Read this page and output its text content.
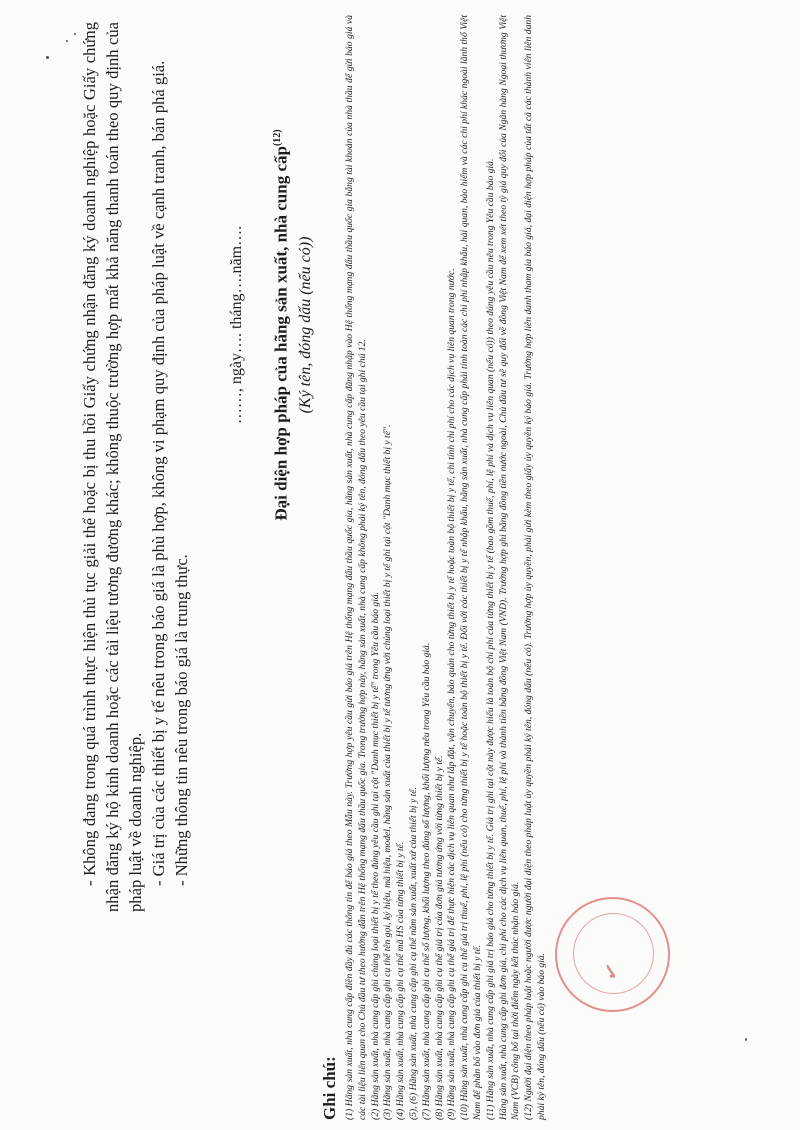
- Không đang trong quá trình thực hiện thủ tục giải thể hoặc bị thu hồi Giấy chứng nhận đăng ký doanh nghiệp hoặc Giấy chứng nhận đăng ký hộ kinh doanh hoặc các tài liệu tương đương khác; không thuộc trường hợp mất khả năng thanh toán theo quy định của pháp luật về doanh nghiệp. - Giá trị của các thiết bị y tế nêu trong báo giá là phù hợp, không vi phạm quy định của pháp luật về cạnh tranh, bán phá giá. - Những thông tin nêu trong báo giá là trung thực.

……, ngày…. tháng….năm….	Đại diện hợp pháp của hãng sản xuất, nhà cung cấp$^{(12)}$
(Ký tên, đóng dấu (nếu có))
✓
Ghi chú: (1) Hãng sản xuất, nhà cung cấp điền đầy đủ các thông tin để báo giá theo Mẫu này. Trường hợp yêu cầu gửi báo giá trên Hệ thống mạng đấu thầu quốc gia, hãng sản xuất, nhà cung cấp đăng nhập vào Hệ thống mạng đấu thầu quốc gia bằng tài khoản của nhà thầu để gửi báo giá và các tài liệu liên quan cho Chủ đầu tư theo hướng dẫn trên Hệ thống mạng đấu thầu quốc gia. Trong trường hợp này, hãng sản xuất, nhà cung cấp không phải ký tên, đóng dấu theo yêu cầu tại ghi chú 12. (2) Hãng sản xuất, nhà cung cấp ghi chủng loại thiết bị y tế theo đúng yêu cầu ghi tại cột "Danh mục thiết bị y tế" trong Yêu cầu báo giá. (3) Hãng sản xuất, nhà cung cấp ghi cụ thể tên gọi, ký hiệu, mã hiệu, model, hãng sản xuất của thiết bị y tế tương ứng với chủng loại thiết bị y tế ghi tại cột "Danh mục thiết bị y tế". (4) Hãng sản xuất, nhà cung cấp ghi cụ thể mã HS của từng thiết bị y tế. (5), (6) Hãng sản xuất, nhà cung cấp ghi cụ thể năm sản xuất, xuất xứ của thiết bị y tế. (7) Hãng sản xuất, nhà cung cấp ghi cụ thể số lượng, khối lượng theo đúng số lượng, khối lượng nêu trong Yêu cầu báo giá. (8) Hãng sản xuất, nhà cung cấp ghi cụ thể giá trị của đơn giá tương ứng với từng thiết bị y tế. (9) Hãng sản xuất, nhà cung cấp ghi cụ thể giá trị để thực hiện các dịch vụ liên quan như lắp đặt, vận chuyển, bảo quản cho từng thiết bị y tế hoặc toàn bộ thiết bị y tế, chi tính chi phí cho các dịch vụ liên quan trong nước. (10) Hãng sản xuất, nhà cung cấp ghi cụ thể giá trị thuế, phí, lệ phí (nếu có) cho từng thiết bị y tế hoặc toàn bộ thiết bị y tế. Đối với các thiết bị y tế nhập khẩu, hãng sản xuất, nhà cung cấp phải tính toàn các chi phí nhập khẩu, hải quan, bảo hiểm và các chi phí khác ngoài lãnh thổ Việt Nam để phân bổ vào đơn giá của thiết bị y tế. (11) Hãng sản xuất, nhà cung cấp ghi giá trị báo giá cho từng thiết bị y tế. Giá trị ghi tại cột này được hiểu là toàn bộ chi phí của từng thiết bị y tế (bao gồm thuế, phí, lệ phí và dịch vụ liên quan (nếu có)) theo đúng yêu cầu nêu trong Yêu cầu báo giá. Hãng sản xuất, nhà cung cấp ghi đơn giá, chi phí cho các dịch vụ liên quan, thuế, phí, lệ phí và thành tiền bằng đồng Việt Nam (VND). Trường hợp ghi bằng đồng tiền nước ngoài, Chủ đầu tư sẽ quy đổi về đồng Việt Nam để xem xét theo tỷ giá quy đổi của Ngân hàng Ngoại thương Việt Nam (VCB) công bố tại thời điểm ngày kết thúc nhận báo giá. (12) Người đại diện theo pháp luật hoặc người được người đại diện theo pháp luật ủy quyền phải ký tên, đóng dấu (nếu có). Trường hợp ủy quyền, phải gửi kèm theo giấy ủy quyền ký báo giá. Trường hợp liên danh tham gia báo giá, đại diện hợp pháp của tất cả các thành viên liên danh phải ký tên, đóng dấu (nếu có) vào báo giá.
